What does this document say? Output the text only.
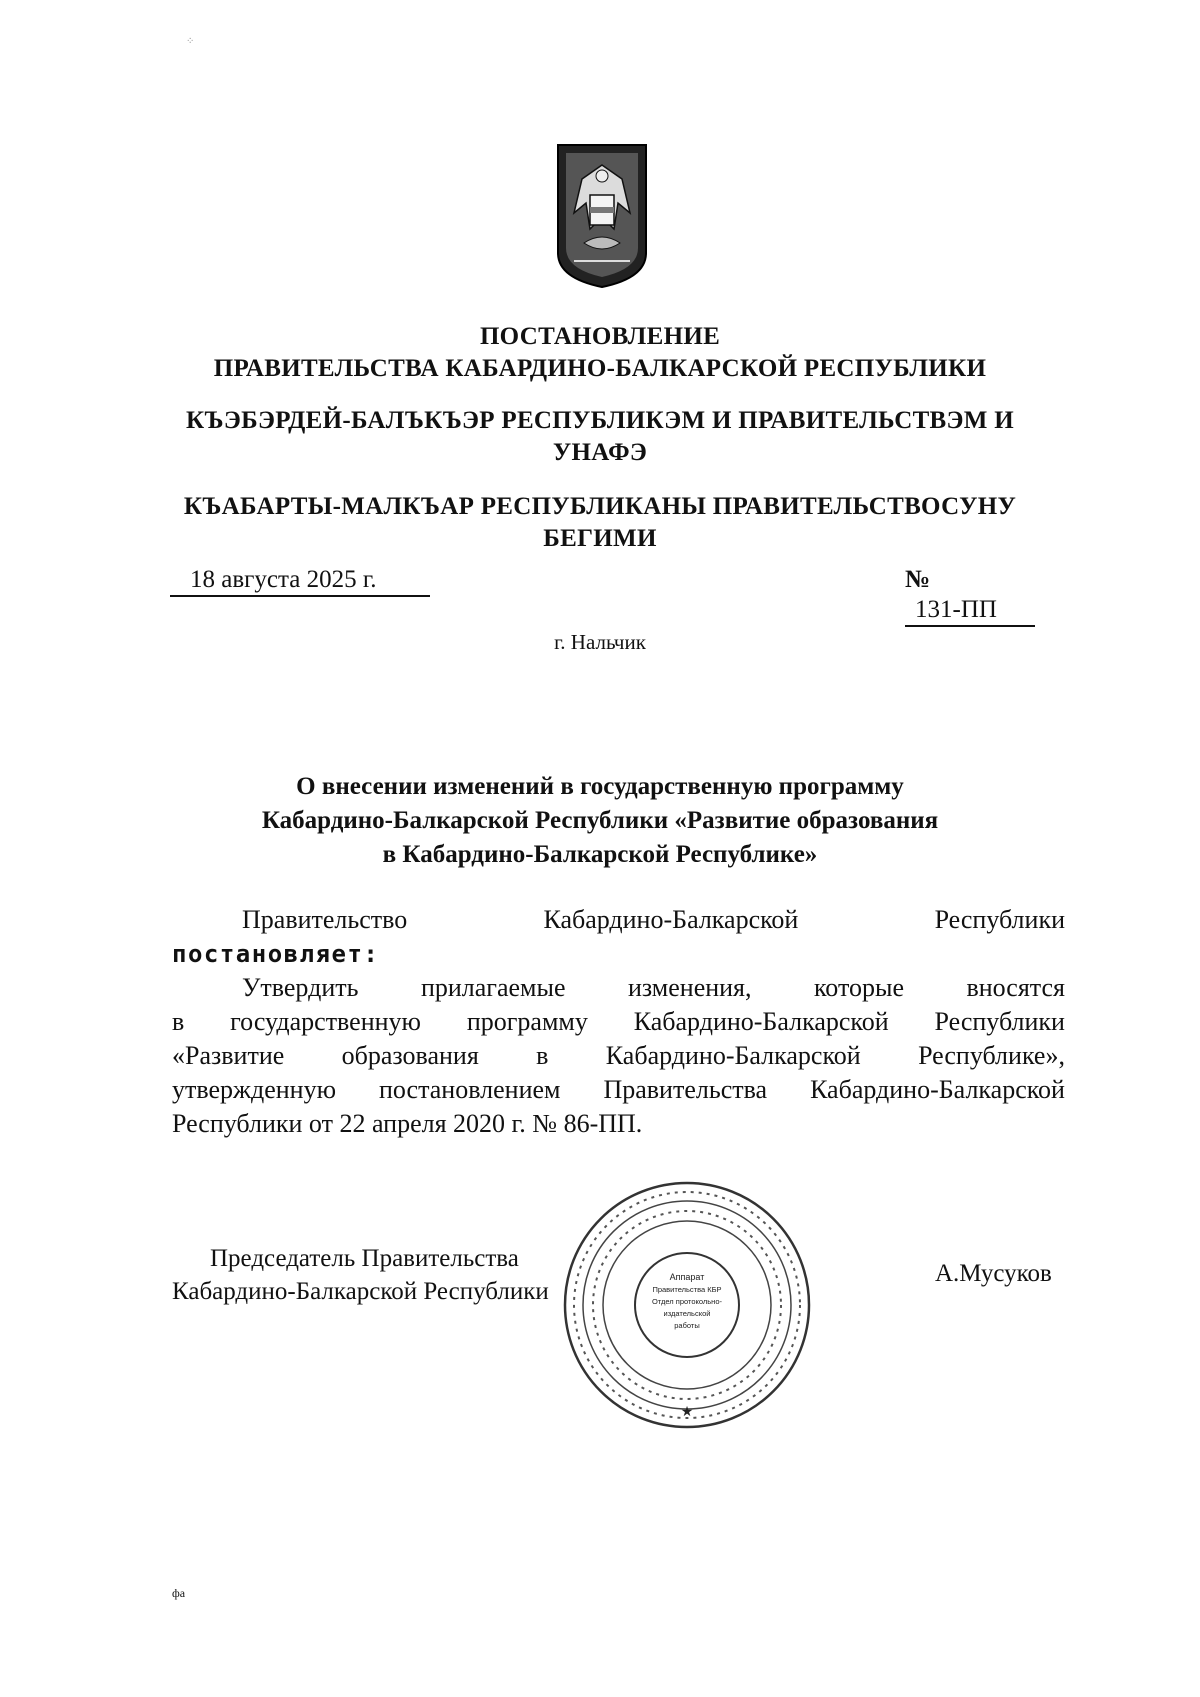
⁘
ПОСТАНОВЛЕНИЕ
ПРАВИТЕЛЬСТВА КАБАРДИНО-БАЛКАРСКОЙ РЕСПУБЛИКИ
КЪЭБЭРДЕЙ-БАЛЪКЪЭР РЕСПУБЛИКЭМ И ПРАВИТЕЛЬСТВЭМ И
УНАФЭ
КЪАБАРТЫ-МАЛКЪАР РЕСПУБЛИКАНЫ ПРАВИТЕЛЬСТВОСУНУ
БЕГИМИ
18 августа 2025 г.	№ 131-ПП
г. Нальчик
О внесении изменений в государственную программу
Кабардино-Балкарской Республики «Развитие образования
в Кабардино-Балкарской Республике»
Правительство	Кабардино-Балкарской	Республики
постановляет:
Утвердить прилагаемые изменения, которые вносятся
в государственную программу Кабардино-Балкарской Республики
«Развитие образования в Кабардино-Балкарской Республике»,
утвержденную постановлением Правительства Кабардино-Балкарской
Республики от 22 апреля 2020 г. № 86-ПП.
Аппарат
Правительства КБР
Отдел протокольно-
издательской
работы
★
Председатель Правительства
Кабардино-Балкарской Республики
А.Мусуков
фа
